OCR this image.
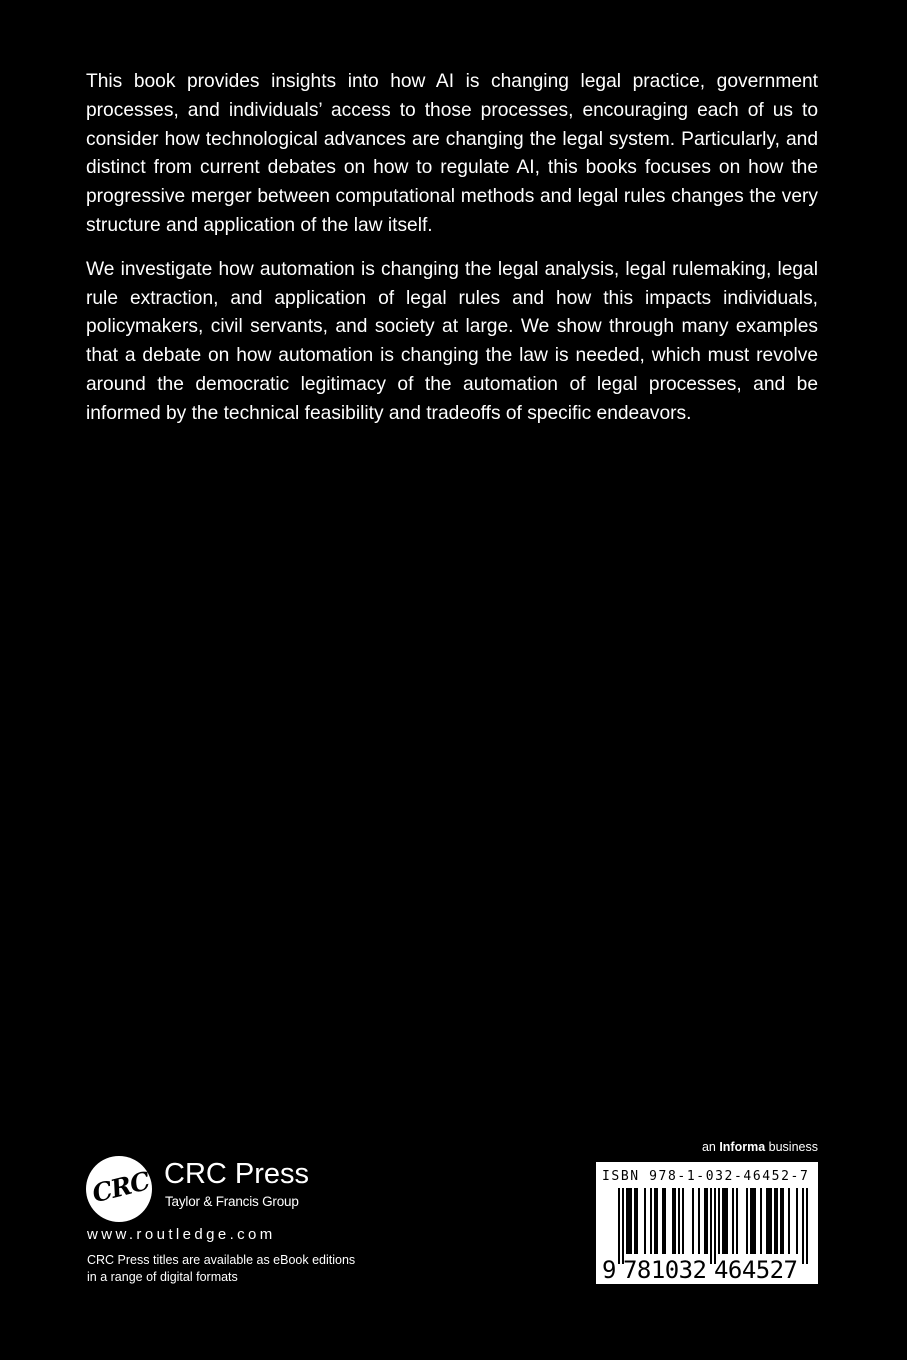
This book provides insights into how AI is changing legal practice, government processes, and individuals’ access to those processes, encouraging each of us to consider how technological advances are changing the legal system. Particularly, and distinct from current debates on how to regulate AI, this books focuses on how the progressive merger between computational methods and legal rules changes the very structure and application of the law itself.

We investigate how automation is changing the legal analysis, legal rulemaking, legal rule extraction, and application of legal rules and how this impacts individuals, policymakers, civil servants, and society at large. We show through many examples that a debate on how automation is changing the law is needed, which must revolve around the democratic legitimacy of the automation of legal processes, and be informed by the technical feasibility and tradeoffs of specific endeavors.

CRC CRC Press
Taylor & Francis Group
www.routledge.com
CRC Press titles are available as eBook editions
in a range of digital formats
an Informa business
ISBN 978-1-032-46452-7
9 781032 464527
